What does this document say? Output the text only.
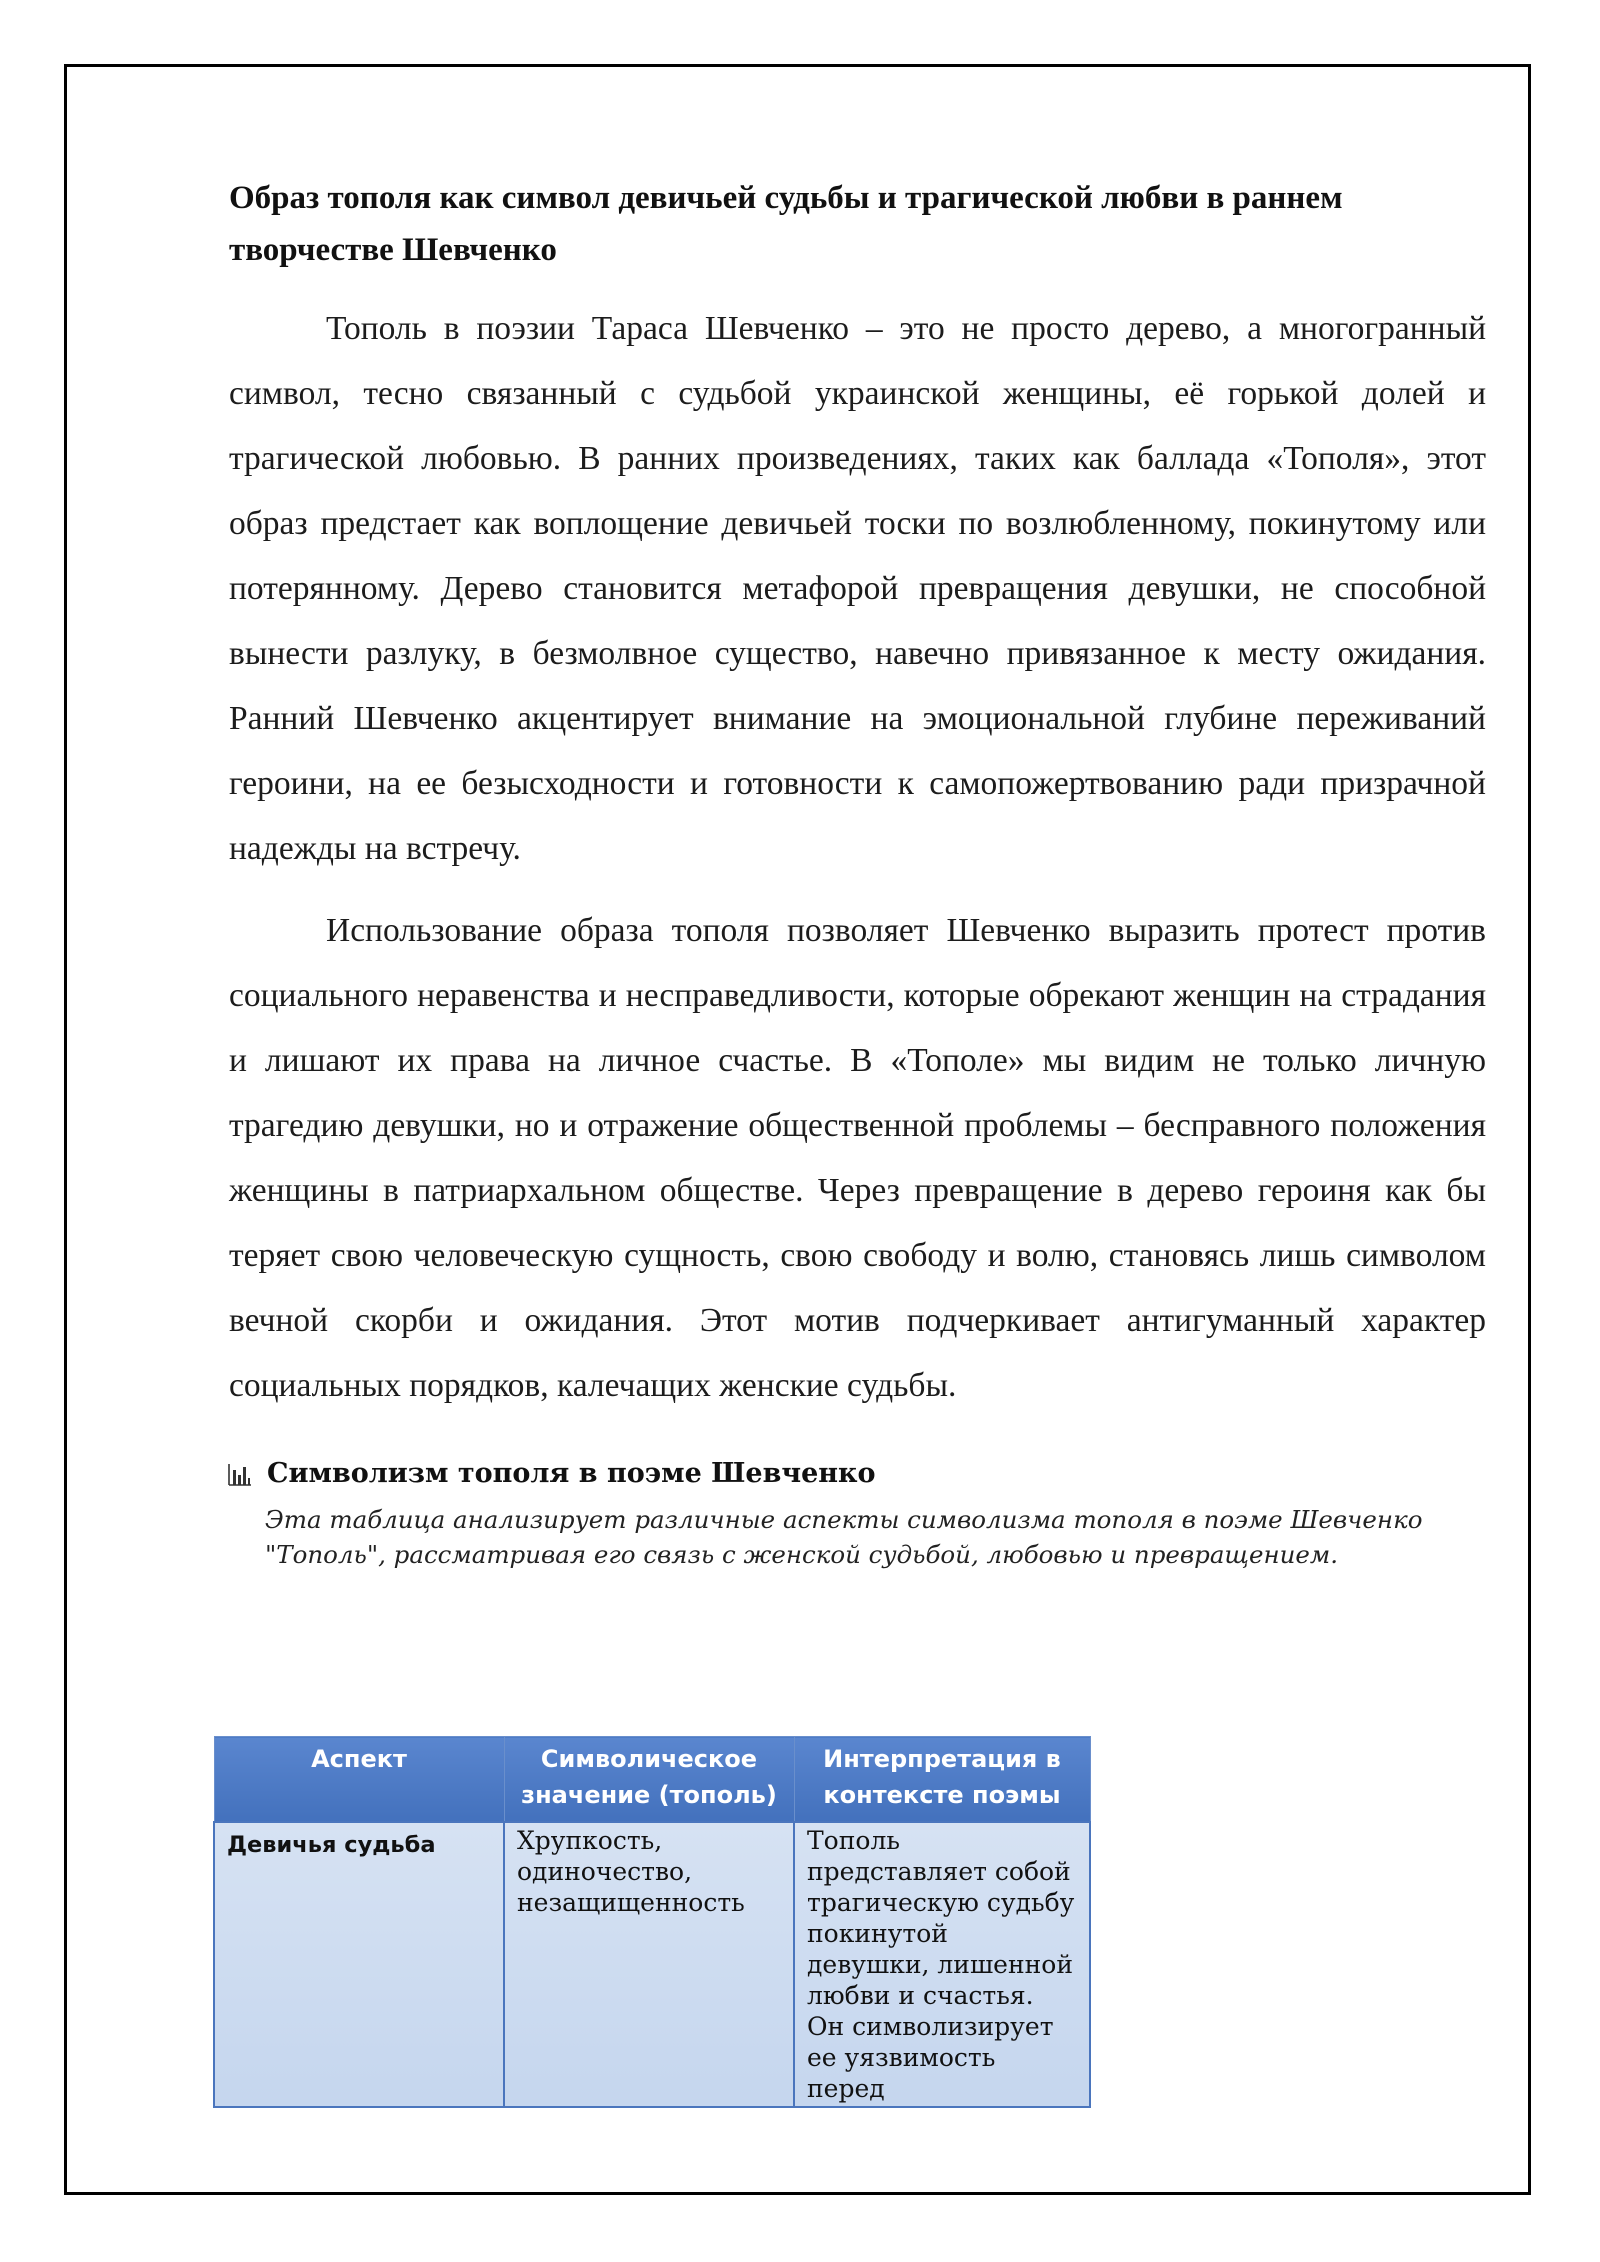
Образ тополя как символ девичьей судьбы и трагической любви в раннем творчестве Шевченко

Тополь в поэзии Тараса Шевченко – это не просто дерево, а многогранный символ, тесно связанный с судьбой украинской женщины, её горькой долей и трагической любовью. В ранних произведениях, таких как баллада «Тополя», этот образ предстает как воплощение девичьей тоски по возлюбленному, покинутому или потерянному. Дерево становится метафорой превращения девушки, не способной вынести разлуку, в безмолвное существо, навечно привязанное к месту ожидания. Ранний Шевченко акцентирует внимание на эмоциональной глубине переживаний героини, на ее безысходности и готовности к самопожертвованию ради призрачной надежды на встречу.

Использование образа тополя позволяет Шевченко выразить протест против социального неравенства и несправедливости, которые обрекают женщин на страдания и лишают их права на личное счастье. В «Тополе» мы видим не только личную трагедию девушки, но и отражение общественной проблемы – бесправного положения женщины в патриархальном обществе. Через превращение в дерево героиня как бы теряет свою человеческую сущность, свою свободу и волю, становясь лишь символом вечной скорби и ожидания. Этот мотив подчеркивает антигуманный характер социальных порядков, калечащих женские судьбы.

Символизм тополя в поэме Шевченко
Эта таблица анализирует различные аспекты символизма тополя в поэме Шевченко "Тополь", рассматривая его связь с женской судьбой, любовью и превращением.
Аспект	Символическое значение (тополь)	Интерпретация в контексте поэмы
Девичья судьба	Хрупкость, одиночество, незащищенность	Тополь представляет собой трагическую судьбу покинутой девушки, лишенной любви и счастья. Он символизирует ее уязвимость перед
